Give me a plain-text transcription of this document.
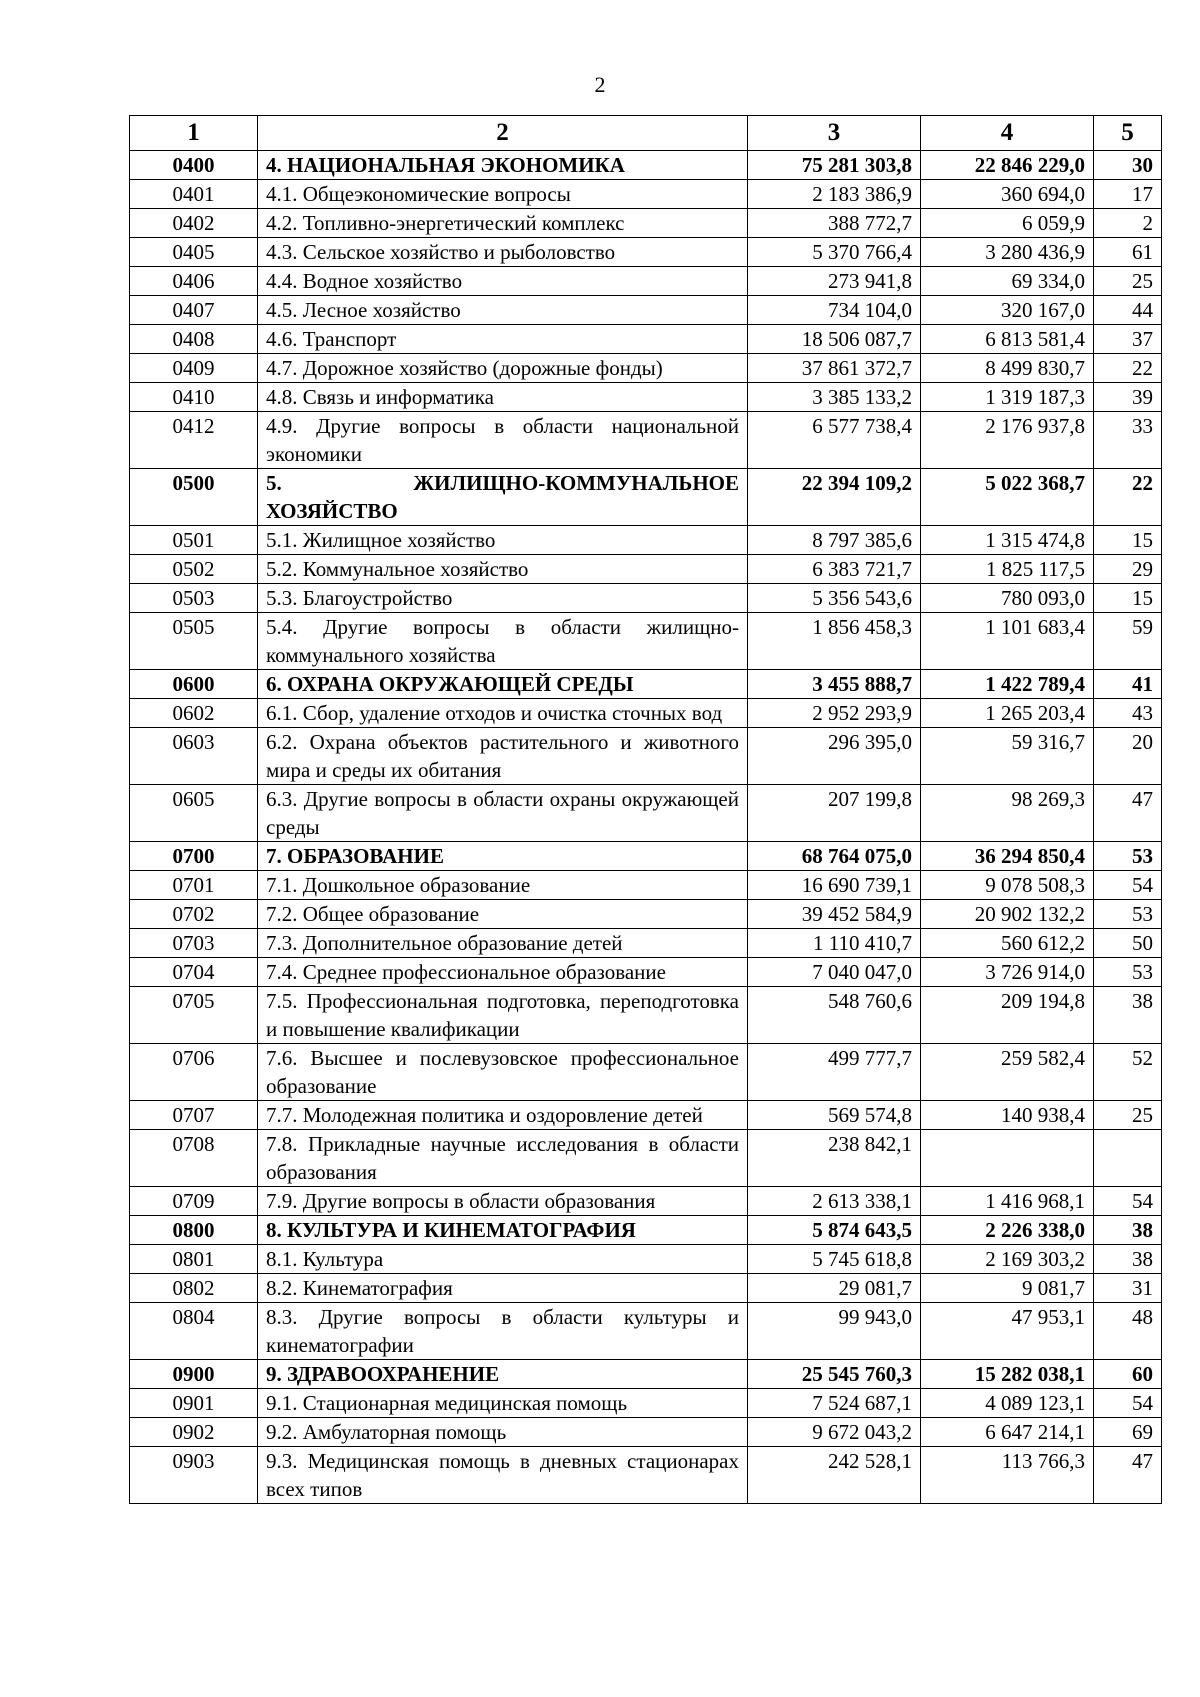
2
1	2	3	4	5
0400	4. НАЦИОНАЛЬНАЯ ЭКОНОМИКА	75 281 303,8	22 846 229,0	30
0401	4.1. Общеэкономические вопросы	2 183 386,9	360 694,0	17
0402	4.2. Топливно-энергетический комплекс	388 772,7	6 059,9	2
0405	4.3. Сельское хозяйство и рыболовство	5 370 766,4	3 280 436,9	61
0406	4.4. Водное хозяйство	273 941,8	69 334,0	25
0407	4.5. Лесное хозяйство	734 104,0	320 167,0	44
0408	4.6. Транспорт	18 506 087,7	6 813 581,4	37
0409	4.7. Дорожное хозяйство (дорожные фонды)	37 861 372,7	8 499 830,7	22
0410	4.8. Связь и информатика	3 385 133,2	1 319 187,3	39
0412	4.9. Другие вопросы в области национальной экономики	6 577 738,4	2 176 937,8	33
0500	5. ЖИЛИЩНО-КОММУНАЛЬНОЕ ХОЗЯЙСТВО	22 394 109,2	5 022 368,7	22
0501	5.1. Жилищное хозяйство	8 797 385,6	1 315 474,8	15
0502	5.2. Коммунальное хозяйство	6 383 721,7	1 825 117,5	29
0503	5.3. Благоустройство	5 356 543,6	780 093,0	15
0505	5.4. Другие вопросы в области жилищно-коммунального хозяйства	1 856 458,3	1 101 683,4	59
0600	6. ОХРАНА ОКРУЖАЮЩЕЙ СРЕДЫ	3 455 888,7	1 422 789,4	41
0602	6.1. Сбор, удаление отходов и очистка сточных вод	2 952 293,9	1 265 203,4	43
0603	6.2. Охрана объектов растительного и животного мира и среды их обитания	296 395,0	59 316,7	20
0605	6.3. Другие вопросы в области охраны окружающей среды	207 199,8	98 269,3	47
0700	7. ОБРАЗОВАНИЕ	68 764 075,0	36 294 850,4	53
0701	7.1. Дошкольное образование	16 690 739,1	9 078 508,3	54
0702	7.2. Общее образование	39 452 584,9	20 902 132,2	53
0703	7.3. Дополнительное образование детей	1 110 410,7	560 612,2	50
0704	7.4. Среднее профессиональное образование	7 040 047,0	3 726 914,0	53
0705	7.5. Профессиональная подготовка, переподготовка и повышение квалификации	548 760,6	209 194,8	38
0706	7.6. Высшее и послевузовское профессиональное образование	499 777,7	259 582,4	52
0707	7.7. Молодежная политика и оздоровление детей	569 574,8	140 938,4	25
0708	7.8. Прикладные научные исследования в области образования	238 842,1		
0709	7.9. Другие вопросы в области образования	2 613 338,1	1 416 968,1	54
0800	8. КУЛЬТУРА И КИНЕМАТОГРАФИЯ	5 874 643,5	2 226 338,0	38
0801	8.1. Культура	5 745 618,8	2 169 303,2	38
0802	8.2. Кинематография	29 081,7	9 081,7	31
0804	8.3. Другие вопросы в области культуры и кинематографии	99 943,0	47 953,1	48
0900	9. ЗДРАВООХРАНЕНИЕ	25 545 760,3	15 282 038,1	60
0901	9.1. Стационарная медицинская помощь	7 524 687,1	4 089 123,1	54
0902	9.2. Амбулаторная помощь	9 672 043,2	6 647 214,1	69
0903	9.3. Медицинская помощь в дневных стационарах всех типов	242 528,1	113 766,3	47
